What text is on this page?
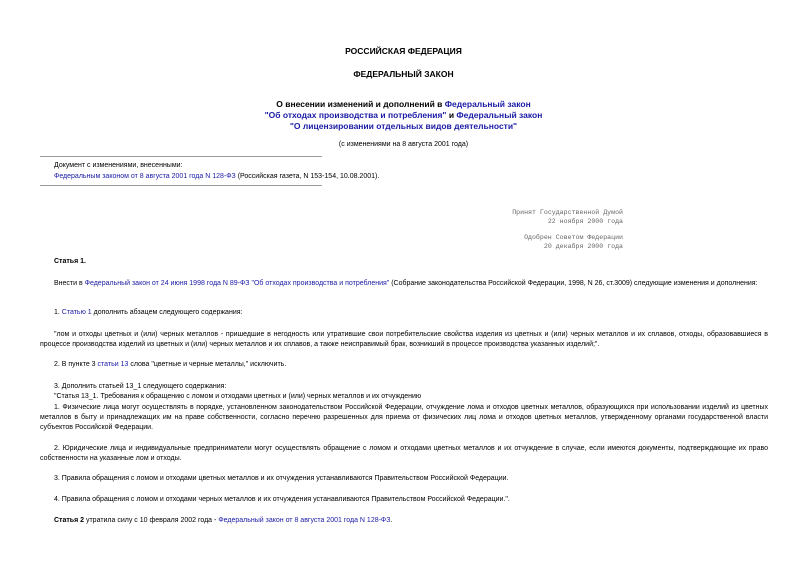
РОССИЙСКАЯ ФЕДЕРАЦИЯ
ФЕДЕРАЛЬНЫЙ ЗАКОН
О внесении изменений и дополнений в Федеральный закон
"Об отходах производства и потребления" и Федеральный закон
"О лицензировании отдельных видов деятельности"
(с изменениями на 8 августа 2001 года)
Документ с изменениями, внесенными:
Федеральным законом от 8 августа 2001 года N 128-ФЗ (Российская газета, N 153-154, 10.08.2001).
Принят Государственной Думой
22 ноября 2000 года
Одобрен Советом Федерации
20 декабря 2000 года
Статья 1.
Внести в Федеральный закон от 24 июня 1998 года N 89-ФЗ "Об отходах производства и потребления" (Собрание законодательства Российской Федерации, 1998, N 26, ст.3009) следующие изменения и дополнения:
1. Статью 1 дополнить абзацем следующего содержания:
"лом и отходы цветных и (или) черных металлов - пришедшие в негодность или утратившие свои потребительские свойства изделия из цветных и (или) черных металлов и их сплавов, отходы, образовавшиеся в процессе производства изделий из цветных и (или) черных металлов и их сплавов, а также неисправимый брак, возникший в процессе производства указанных изделий;".
2. В пункте 3 статьи 13 слова "цветные и черные металлы," исключить.
3. Дополнить статьей 13_1 следующего содержания:
"Статья 13_1. Требования к обращению с ломом и отходами цветных и (или) черных металлов и их отчуждению
1. Физические лица могут осуществлять в порядке, установленном законодательством Российской Федерации, отчуждение лома и отходов цветных металлов, образующихся при использовании изделий из цветных металлов в быту и принадлежащих им на праве собственности, согласно перечню разрешенных для приема от физических лиц лома и отходов цветных металлов, утвержденному органами государственной власти субъектов Российской Федерации.
2. Юридические лица и индивидуальные предприниматели могут осуществлять обращение с ломом и отходами цветных металлов и их отчуждение в случае, если имеются документы, подтверждающие их право собственности на указанные лом и отходы.
3. Правила обращения с ломом и отходами цветных металлов и их отчуждения устанавливаются Правительством Российской Федерации.
4. Правила обращения с ломом и отходами черных металлов и их отчуждения устанавливаются Правительством Российской Федерации.".
Статья 2 утратила силу с 10 февраля 2002 года - Федеральный закон от 8 августа 2001 года N 128-ФЗ.
